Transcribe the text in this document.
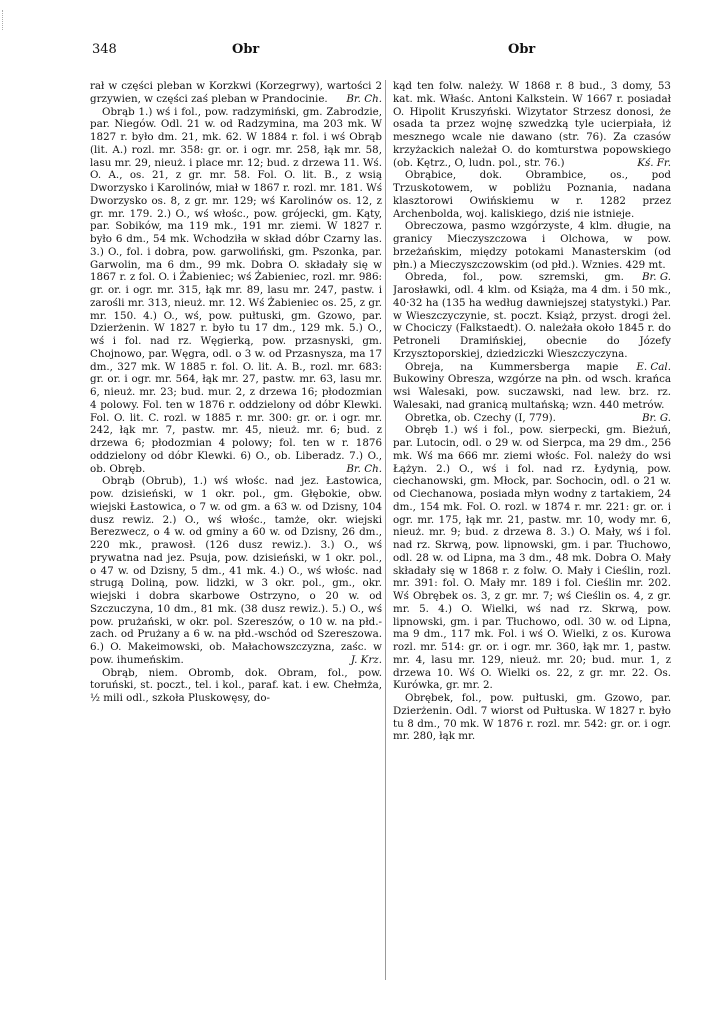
348	Obr	Obr

rał w części pleban w Korzkwi (Korzegrwy), wartości 2 grzywien, w części zaś pleban w Prandocinie.	Br. Ch.

Obrąb 1.) wś i fol., pow. radzymiński, gm. Zabrodzie, par. Niegów. Odl. 21 w. od Radzymina, ma 203 mk. W 1827 r. było dm. 21, mk. 62. W 1884 r. fol. i wś Obrąb (lit. A.) rozl. mr. 358: gr. or. i ogr. mr. 258, łąk mr. 58, lasu mr. 29, nieuż. i place mr. 12; bud. z drzewa 11. Wś. O. A., os. 21, z gr. mr. 58. Fol. O. lit. B., z wsią Dworzysko i Karolinów, miał w 1867 r. rozl. mr. 181. Wś Dworzysko os. 8, z gr. mr. 129; wś Karolinów os. 12, z gr. mr. 179. 2.) O., wś włośc., pow. grójecki, gm. Kąty, par. Sobików, ma 119 mk., 191 mr. ziemi. W 1827 r. było 6 dm., 54 mk. Wchodziła w skład dóbr Czarny las. 3.) O., fol. i dobra, pow. garwoliński, gm. Pszonka, par. Garwolin, ma 6 dm., 99 mk. Dobra O. składały się w 1867 r. z fol. O. i Żabieniec; wś Żabieniec, rozl. mr. 986: gr. or. i ogr. mr. 315, łąk mr. 89, lasu mr. 247, pastw. i zarośli mr. 313, nieuż. mr. 12. Wś Żabieniec os. 25, z gr. mr. 150. 4.) O., wś, pow. pułtuski, gm. Gzowo, par. Dzierżenin. W 1827 r. było tu 17 dm., 129 mk. 5.) O., wś i fol. nad rz. Węgierką, pow. przasnyski, gm. Chojnowo, par. Węgra, odl. o 3 w. od Przasnysza, ma 17 dm., 327 mk. W 1885 r. fol. O. lit. A. B., rozl. mr. 683: gr. or. i ogr. mr. 564, łąk mr. 27, pastw. mr. 63, lasu mr. 6, nieuż. mr. 23; bud. mur. 2, z drzewa 16; płodozmian 4 polowy. Fol. ten w 1876 r. oddzielony od dóbr Klewki. Fol. O. lit. C. rozl. w 1885 r. mr. 300: gr. or. i ogr. mr. 242, łąk mr. 7, pastw. mr. 45, nieuż. mr. 6; bud. z drzewa 6; płodozmian 4 polowy; fol. ten w r. 1876 oddzielony od dóbr Klewki. 6) O., ob. Liberadz. 7.) O., ob. Obręb.	Br. Ch.

Obrąb (Obrub), 1.) wś włośc. nad jez. Łastowica, pow. dzisieński, w 1 okr. pol., gm. Głębokie, obw. wiejski Łastowica, o 7 w. od gm. a 63 w. od Dzisny, 104 dusz rewiz. 2.) O., wś włośc., tamże, okr. wiejski Berezwecz, o 4 w. od gminy a 60 w. od Dzisny, 26 dm., 220 mk., prawosł. (126 dusz rewiz.). 3.) O., wś prywatna nad jez. Psuja, pow. dzisieński, w 1 okr. pol., o 47 w. od Dzisny, 5 dm., 41 mk. 4.) O., wś włośc. nad strugą Doliną, pow. lidzki, w 3 okr. pol., gm., okr. wiejski i dobra skarbowe Ostrzyno, o 20 w. od Szczuczyna, 10 dm., 81 mk. (38 dusz rewiz.). 5.) O., wś pow. prużański, w okr. pol. Szereszów, o 10 w. na płd.-zach. od Prużany a 6 w. na płd.-wschód od Szereszowa. 6.) O. Makeimowski, ob. Małachowszczyzna, zaśc. w pow. ihumeńskim.	J. Krz.

Obrąb, niem. Obromb, dok. Obram, fol., pow. toruński, st. poczt., tel. i kol., paraf. kat. i ew. Chełmża, ½ mili odl., szkoła Pluskowęsy, do-

kąd ten folw. należy. W 1868 r. 8 bud., 3 domy, 53 kat. mk. Właśc. Antoni Kalkstein. W 1667 r. posiadał O. Hipolit Kruszyński. Wizytator Strzesz donosi, że osada ta przez wojnę szwedzką tyle ucierpiała, iż mesznego wcale nie dawano (str. 76). Za czasów krzyżackich należał O. do komturstwa popowskiego (ob. Kętrz., O, ludn. pol., str. 76.)	Kś. Fr.

Obrąbice, dok. Obrambice, os., pod Trzuskotowem, w pobliżu Poznania, nadana klasztorowi Owińskiemu w r. 1282 przez Archenbolda, woj. kaliskiego, dziś nie istnieje.

Obreczowa, pasmo wzgórzyste, 4 klm. długie, na granicy Mieczyszczowa i Olchowa, w pow. brzeżańskim, między potokami Manasterskim (od płn.) a Mieczyszczowskim (od płd.). Wznies. 429 mt.
Br. G.

Obreda, fol., pow. szremski, gm. Jarosławki, odl. 4 klm. od Książa, ma 4 dm. i 50 mk., 40·32 ha (135 ha według dawniejszej statystyki.) Par. w Wieszczyczynie, st. poczt. Książ, przyst. drogi żel. w Chociczy (Falkstaedt). O. należała około 1845 r. do Petroneli Dramińskiej, obecnie do Józefy Krzysztoporskiej, dziedziczki Wieszczyczyna.
E. Cal.

Obreja, na Kummersberga mapie Bukowiny Obresza, wzgórze na płn. od wsch. krańca wsi Walesaki, pow. suczawski, nad lew. brz. rz. Walesaki, nad granicą multańską; wzn. 440 metrów.
Br. G.

Obretka, ob. Czechy (I, 779).

Obręb 1.) wś i fol., pow. sierpecki, gm. Bieżuń, par. Lutocin, odl. o 29 w. od Sierpca, ma 29 dm., 256 mk. Wś ma 666 mr. ziemi włośc. Fol. należy do wsi Łążyn. 2.) O., wś i fol. nad rz. Łydynią, pow. ciechanowski, gm. Młock, par. Sochocin, odl. o 21 w. od Ciechanowa, posiada młyn wodny z tartakiem, 24 dm., 154 mk. Fol. O. rozl. w 1874 r. mr. 221: gr. or. i ogr. mr. 175, łąk mr. 21, pastw. mr. 10, wody mr. 6, nieuż. mr. 9; bud. z drzewa 8. 3.) O. Mały, wś i fol. nad rz. Skrwą, pow. lipnowski, gm. i par. Tłuchowo, odl. 28 w. od Lipna, ma 3 dm., 48 mk. Dobra O. Mały składały się w 1868 r. z folw. O. Mały i Cieślin, rozl. mr. 391: fol. O. Mały mr. 189 i fol. Cieślin mr. 202. Wś Obrębek os. 3, z gr. mr. 7; wś Cieślin os. 4, z gr. mr. 5. 4.) O. Wielki, wś nad rz. Skrwą, pow. lipnowski, gm. i par. Tłuchowo, odl. 30 w. od Lipna, ma 9 dm., 117 mk. Fol. i wś O. Wielki, z os. Kurowa rozl. mr. 514: gr. or. i ogr. mr. 360, łąk mr. 1, pastw. mr. 4, lasu mr. 129, nieuż. mr. 20; bud. mur. 1, z drzewa 10. Wś O. Wielki os. 22, z gr. mr. 22. Os. Kurówka, gr. mr. 2.

Obrębek, fol., pow. pułtuski, gm. Gzowo, par. Dzierżenin. Odl. 7 wiorst od Pułtuska. W 1827 r. było tu 8 dm., 70 mk. W 1876 r. rozl. mr. 542: gr. or. i ogr. mr. 280, łąk mr.
